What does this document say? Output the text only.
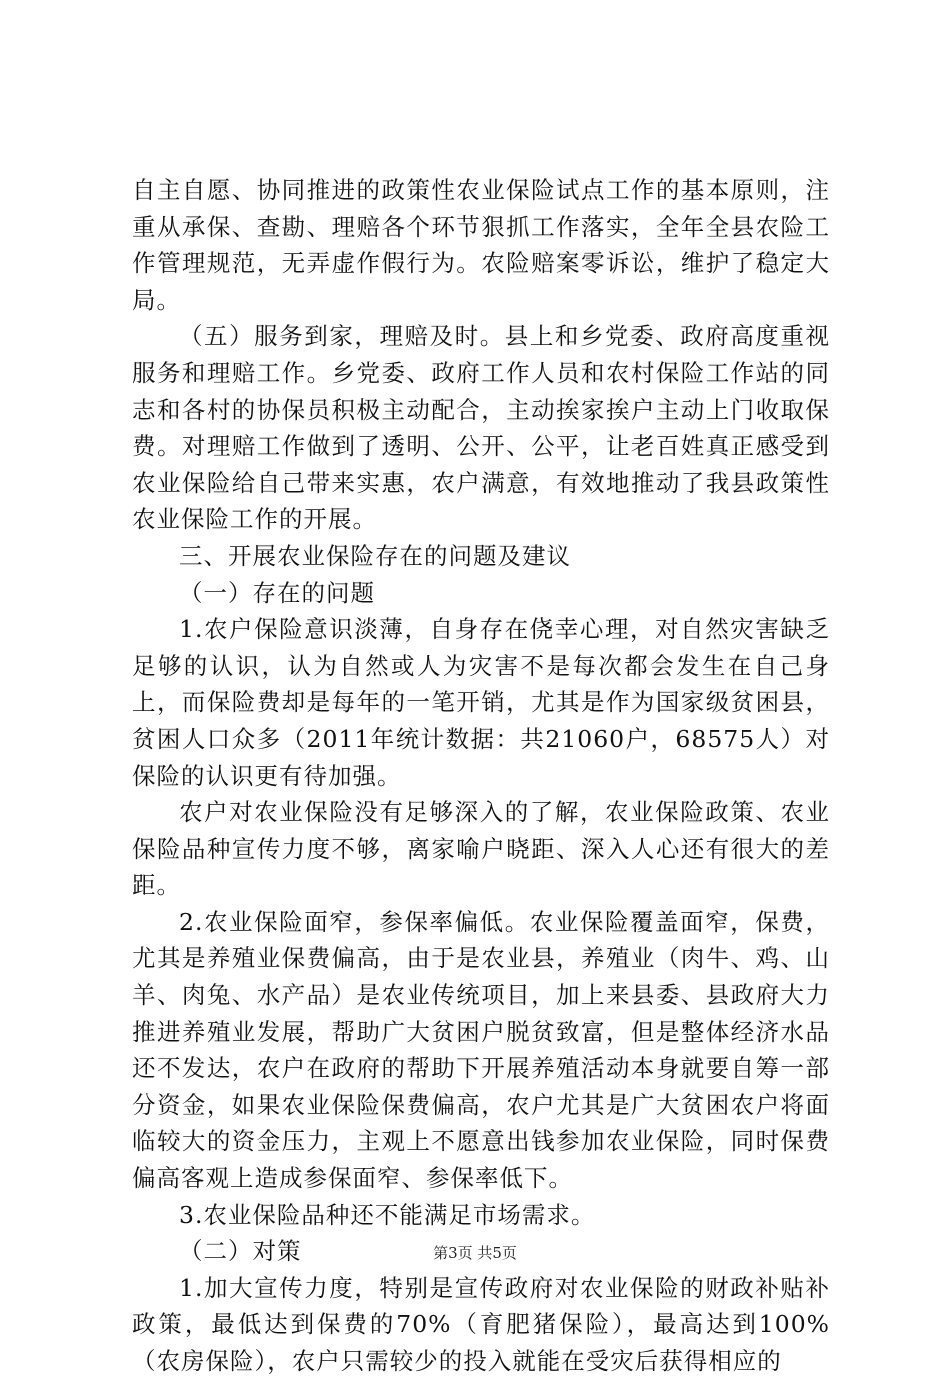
自主自愿、协同推进的政策性农业保险试点工作的基本原则，注重从承保、查勘、理赔各个环节狠抓工作落实，全年全县农险工作管理规范，无弄虚作假行为。农险赔案零诉讼，维护了稳定大局。

（五）服务到家，理赔及时。县上和乡党委、政府高度重视服务和理赔工作。乡党委、政府工作人员和农村保险工作站的同志和各村的协保员积极主动配合，主动挨家挨户主动上门收取保费。对理赔工作做到了透明、公开、公平，让老百姓真正感受到农业保险给自己带来实惠，农户满意，有效地推动了我县政策性农业保险工作的开展。

三、开展农业保险存在的问题及建议

（一）存在的问题

1.农户保险意识淡薄，自身存在侥幸心理，对自然灾害缺乏足够的认识，认为自然或人为灾害不是每次都会发生在自己身上，而保险费却是每年的一笔开销，尤其是作为国家级贫困县，贫困人口众多（2011年统计数据：共21060户，68575人）对保险的认识更有待加强。

农户对农业保险没有足够深入的了解，农业保险政策、农业保险品种宣传力度不够，离家喻户晓距、深入人心还有很大的差距。

2.农业保险面窄，参保率偏低。农业保险覆盖面窄，保费，尤其是养殖业保费偏高，由于是农业县，养殖业（肉牛、鸡、山羊、肉兔、水产品）是农业传统项目，加上来县委、县政府大力推进养殖业发展，帮助广大贫困户脱贫致富，但是整体经济水品还不发达，农户在政府的帮助下开展养殖活动本身就要自筹一部分资金，如果农业保险保费偏高，农户尤其是广大贫困农户将面临较大的资金压力，主观上不愿意出钱参加农业保险，同时保费偏高客观上造成参保面窄、参保率低下。

3.农业保险品种还不能满足市场需求。

（二）对策

1.加大宣传力度，特别是宣传政府对农业保险的财政补贴补政策，最低达到保费的70%（育肥猪保险），最高达到100%（农房保险），农户只需较少的投入就能在受灾后获得相应的

第3页 共5页
